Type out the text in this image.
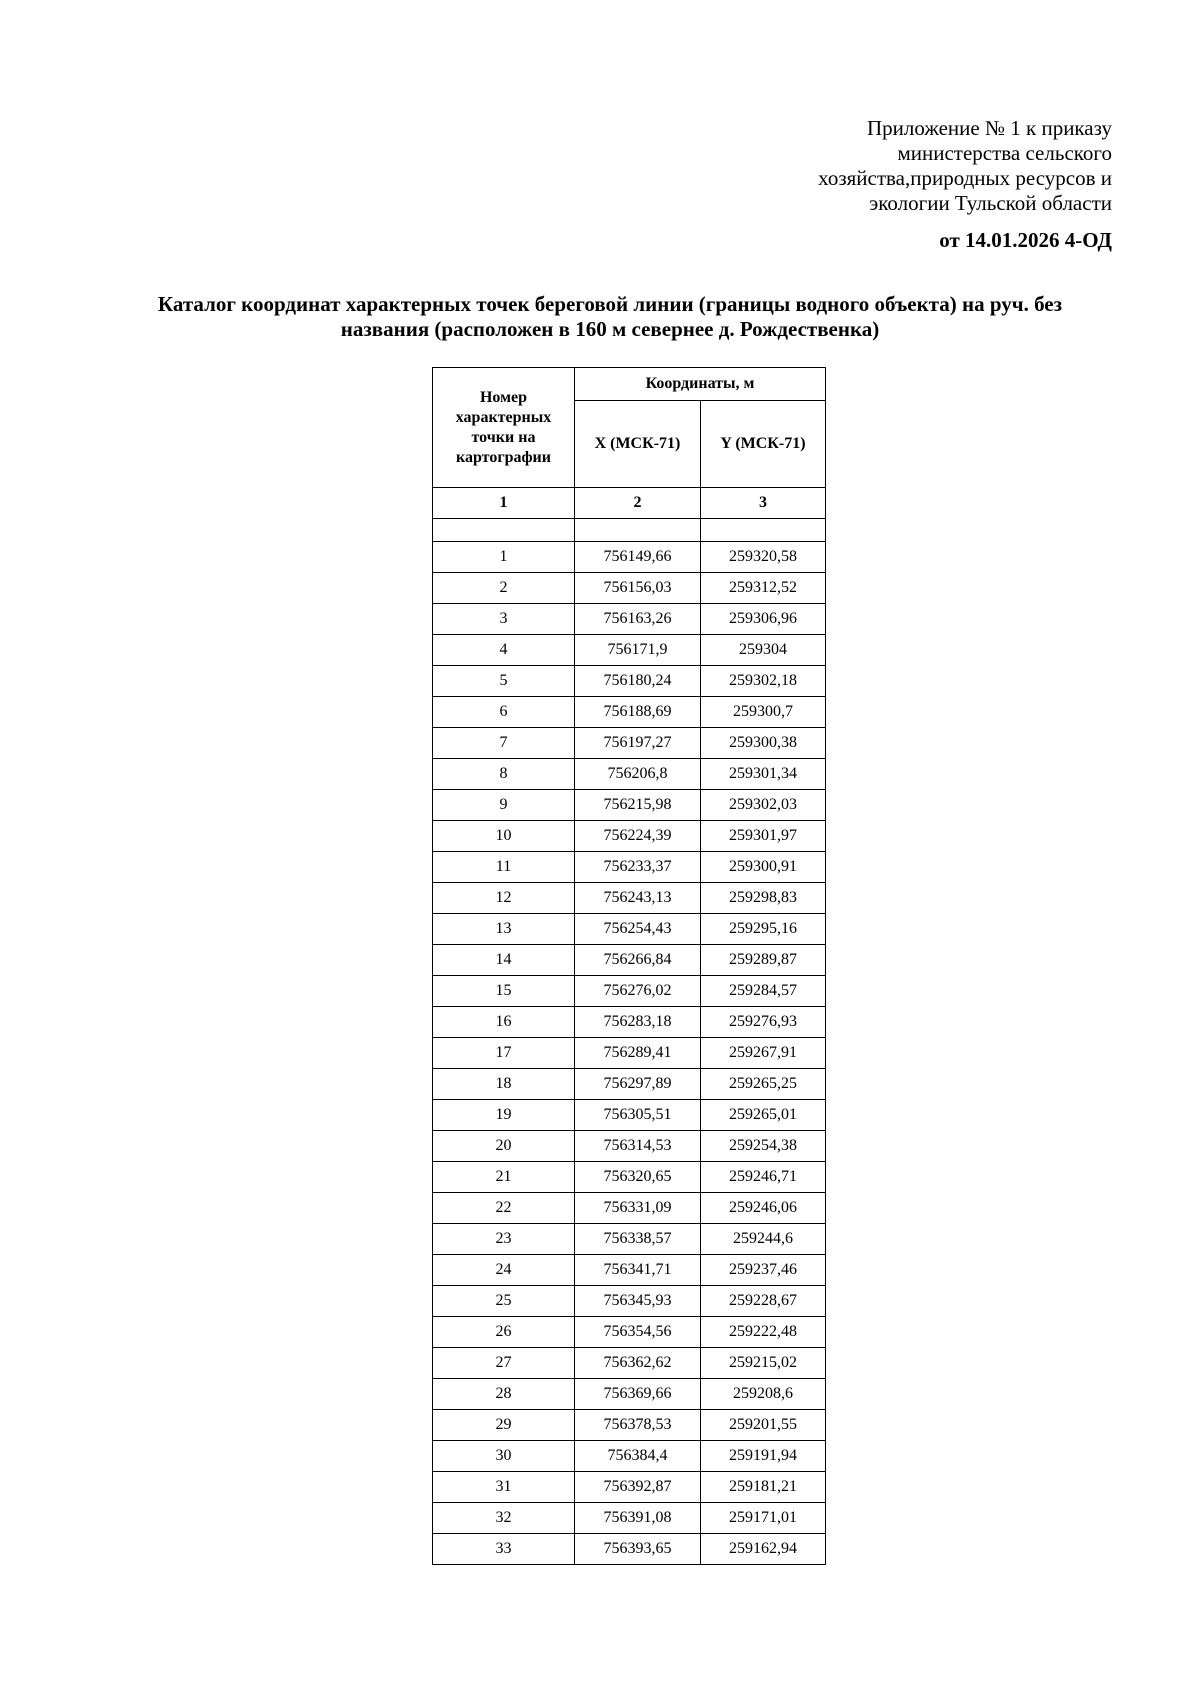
Приложение № 1 к приказу
министерства сельского
хозяйства,природных ресурсов и
экологии Тульской области
от 14.01.2026 4-ОД
Каталог координат характерных точек береговой линии (границы водного объекта) на руч. без
названия (расположен в 160 м севернее д. Рождественка)
Номер характерных точки на картографии	Координаты, м	
	X (МСК-71)	Y (МСК-71)
1	2	3

1	756149,66	259320,58
2	756156,03	259312,52
3	756163,26	259306,96
4	756171,9	259304
5	756180,24	259302,18
6	756188,69	259300,7
7	756197,27	259300,38
8	756206,8	259301,34
9	756215,98	259302,03
10	756224,39	259301,97
11	756233,37	259300,91
12	756243,13	259298,83
13	756254,43	259295,16
14	756266,84	259289,87
15	756276,02	259284,57
16	756283,18	259276,93
17	756289,41	259267,91
18	756297,89	259265,25
19	756305,51	259265,01
20	756314,53	259254,38
21	756320,65	259246,71
22	756331,09	259246,06
23	756338,57	259244,6
24	756341,71	259237,46
25	756345,93	259228,67
26	756354,56	259222,48
27	756362,62	259215,02
28	756369,66	259208,6
29	756378,53	259201,55
30	756384,4	259191,94
31	756392,87	259181,21
32	756391,08	259171,01
33	756393,65	259162,94
